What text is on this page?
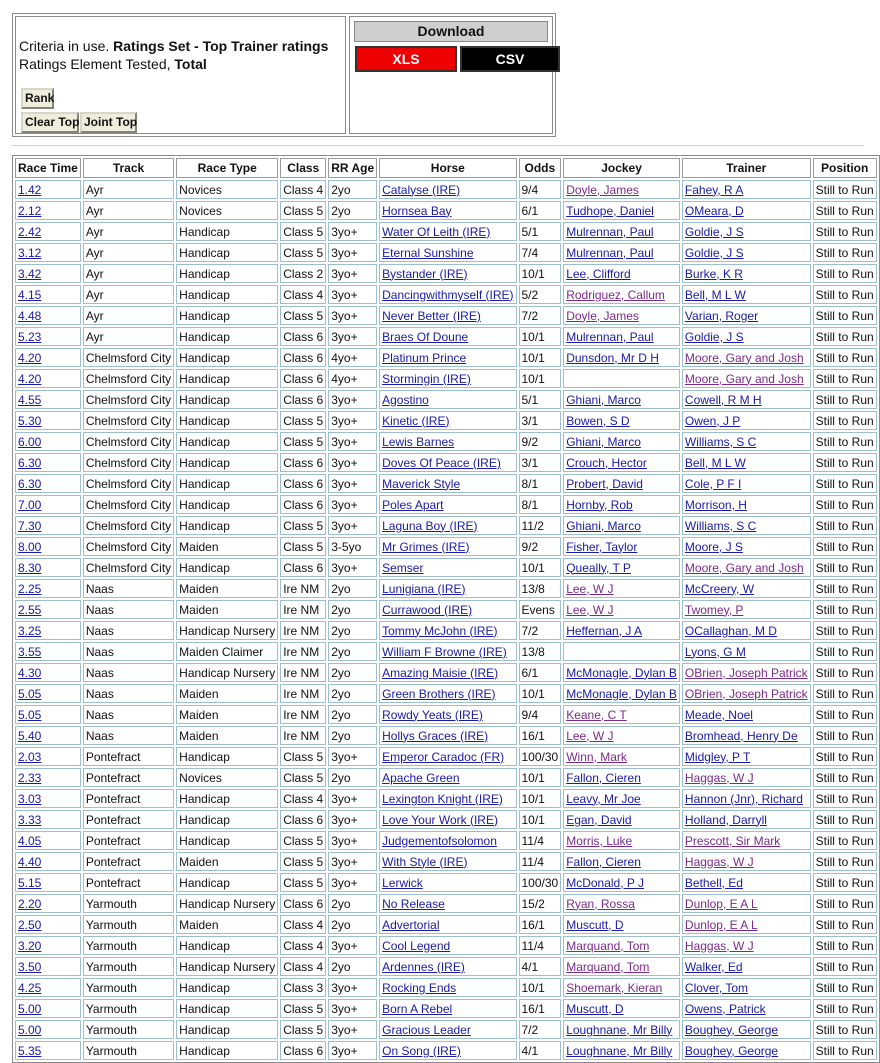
Criteria in use. Ratings Set - Top Trainer ratings
Ratings Element Tested, Total
Rank
Clear Top Joint Top
Download
XLS	CSV
Race Time	Track	Race Type	Class	RR Age	Horse	Odds	Jockey	Trainer	Position
1.42	Ayr	Novices	Class 4	2yo	Catalyse (IRE)	9/4	Doyle, James	Fahey, R A	Still to Run
2.12	Ayr	Novices	Class 5	2yo	Hornsea Bay	6/1	Tudhope, Daniel	OMeara, D	Still to Run
2.42	Ayr	Handicap	Class 5	3yo+	Water Of Leith (IRE)	5/1	Mulrennan, Paul	Goldie, J S	Still to Run
3.12	Ayr	Handicap	Class 5	3yo+	Eternal Sunshine	7/4	Mulrennan, Paul	Goldie, J S	Still to Run
3.42	Ayr	Handicap	Class 2	3yo+	Bystander (IRE)	10/1	Lee, Clifford	Burke, K R	Still to Run
4.15	Ayr	Handicap	Class 4	3yo+	Dancingwithmyself (IRE)	5/2	Rodriguez, Callum	Bell, M L W	Still to Run
4.48	Ayr	Handicap	Class 5	3yo+	Never Better (IRE)	7/2	Doyle, James	Varian, Roger	Still to Run
5.23	Ayr	Handicap	Class 6	3yo+	Braes Of Doune	10/1	Mulrennan, Paul	Goldie, J S	Still to Run
4.20	Chelmsford City	Handicap	Class 6	4yo+	Platinum Prince	10/1	Dunsdon, Mr D H	Moore, Gary and Josh	Still to Run
4.20	Chelmsford City	Handicap	Class 6	4yo+	Stormingin (IRE)	10/1		Moore, Gary and Josh	Still to Run
4.55	Chelmsford City	Handicap	Class 6	3yo+	Agostino	5/1	Ghiani, Marco	Cowell, R M H	Still to Run
5.30	Chelmsford City	Handicap	Class 5	3yo+	Kinetic (IRE)	3/1	Bowen, S D	Owen, J P	Still to Run
6.00	Chelmsford City	Handicap	Class 5	3yo+	Lewis Barnes	9/2	Ghiani, Marco	Williams, S C	Still to Run
6.30	Chelmsford City	Handicap	Class 6	3yo+	Doves Of Peace (IRE)	3/1	Crouch, Hector	Bell, M L W	Still to Run
6.30	Chelmsford City	Handicap	Class 6	3yo+	Maverick Style	8/1	Probert, David	Cole, P F I	Still to Run
7.00	Chelmsford City	Handicap	Class 6	3yo+	Poles Apart	8/1	Hornby, Rob	Morrison, H	Still to Run
7.30	Chelmsford City	Handicap	Class 5	3yo+	Laguna Boy (IRE)	11/2	Ghiani, Marco	Williams, S C	Still to Run
8.00	Chelmsford City	Maiden	Class 5	3-5yo	Mr Grimes (IRE)	9/2	Fisher, Taylor	Moore, J S	Still to Run
8.30	Chelmsford City	Handicap	Class 6	3yo+	Semser	10/1	Queally, T P	Moore, Gary and Josh	Still to Run
2.25	Naas	Maiden	Ire NM	2yo	Lunigiana (IRE)	13/8	Lee, W J	McCreery, W	Still to Run
2.55	Naas	Maiden	Ire NM	2yo	Currawood (IRE)	Evens	Lee, W J	Twomey, P	Still to Run
3.25	Naas	Handicap Nursery	Ire NM	2yo	Tommy McJohn (IRE)	7/2	Heffernan, J A	OCallaghan, M D	Still to Run
3.55	Naas	Maiden Claimer	Ire NM	2yo	William F Browne (IRE)	13/8		Lyons, G M	Still to Run
4.30	Naas	Handicap Nursery	Ire NM	2yo	Amazing Maisie (IRE)	6/1	McMonagle, Dylan B	OBrien, Joseph Patrick	Still to Run
5.05	Naas	Maiden	Ire NM	2yo	Green Brothers (IRE)	10/1	McMonagle, Dylan B	OBrien, Joseph Patrick	Still to Run
5.05	Naas	Maiden	Ire NM	2yo	Rowdy Yeats (IRE)	9/4	Keane, C T	Meade, Noel	Still to Run
5.40	Naas	Maiden	Ire NM	2yo	Hollys Graces (IRE)	16/1	Lee, W J	Bromhead, Henry De	Still to Run
2.03	Pontefract	Handicap	Class 5	3yo+	Emperor Caradoc (FR)	100/30	Winn, Mark	Midgley, P T	Still to Run
2.33	Pontefract	Novices	Class 5	2yo	Apache Green	10/1	Fallon, Cieren	Haggas, W J	Still to Run
3.03	Pontefract	Handicap	Class 4	3yo+	Lexington Knight (IRE)	10/1	Leavy, Mr Joe	Hannon (Jnr), Richard	Still to Run
3.33	Pontefract	Handicap	Class 6	3yo+	Love Your Work (IRE)	10/1	Egan, David	Holland, Darryll	Still to Run
4.05	Pontefract	Handicap	Class 5	3yo+	Judgementofsolomon	11/4	Morris, Luke	Prescott, Sir Mark	Still to Run
4.40	Pontefract	Maiden	Class 5	3yo+	With Style (IRE)	11/4	Fallon, Cieren	Haggas, W J	Still to Run
5.15	Pontefract	Handicap	Class 5	3yo+	Lerwick	100/30	McDonald, P J	Bethell, Ed	Still to Run
2.20	Yarmouth	Handicap Nursery	Class 6	2yo	No Release	15/2	Ryan, Rossa	Dunlop, E A L	Still to Run
2.50	Yarmouth	Maiden	Class 4	2yo	Advertorial	16/1	Muscutt, D	Dunlop, E A L	Still to Run
3.20	Yarmouth	Handicap	Class 4	3yo+	Cool Legend	11/4	Marquand, Tom	Haggas, W J	Still to Run
3.50	Yarmouth	Handicap Nursery	Class 4	2yo	Ardennes (IRE)	4/1	Marquand, Tom	Walker, Ed	Still to Run
4.25	Yarmouth	Handicap	Class 3	3yo+	Rocking Ends	10/1	Shoemark, Kieran	Clover, Tom	Still to Run
5.00	Yarmouth	Handicap	Class 5	3yo+	Born A Rebel	16/1	Muscutt, D	Owens, Patrick	Still to Run
5.00	Yarmouth	Handicap	Class 5	3yo+	Gracious Leader	7/2	Loughnane, Mr Billy	Boughey, George	Still to Run
5.35	Yarmouth	Handicap	Class 6	3yo+	On Song (IRE)	4/1	Loughnane, Mr Billy	Boughey, George	Still to Run
